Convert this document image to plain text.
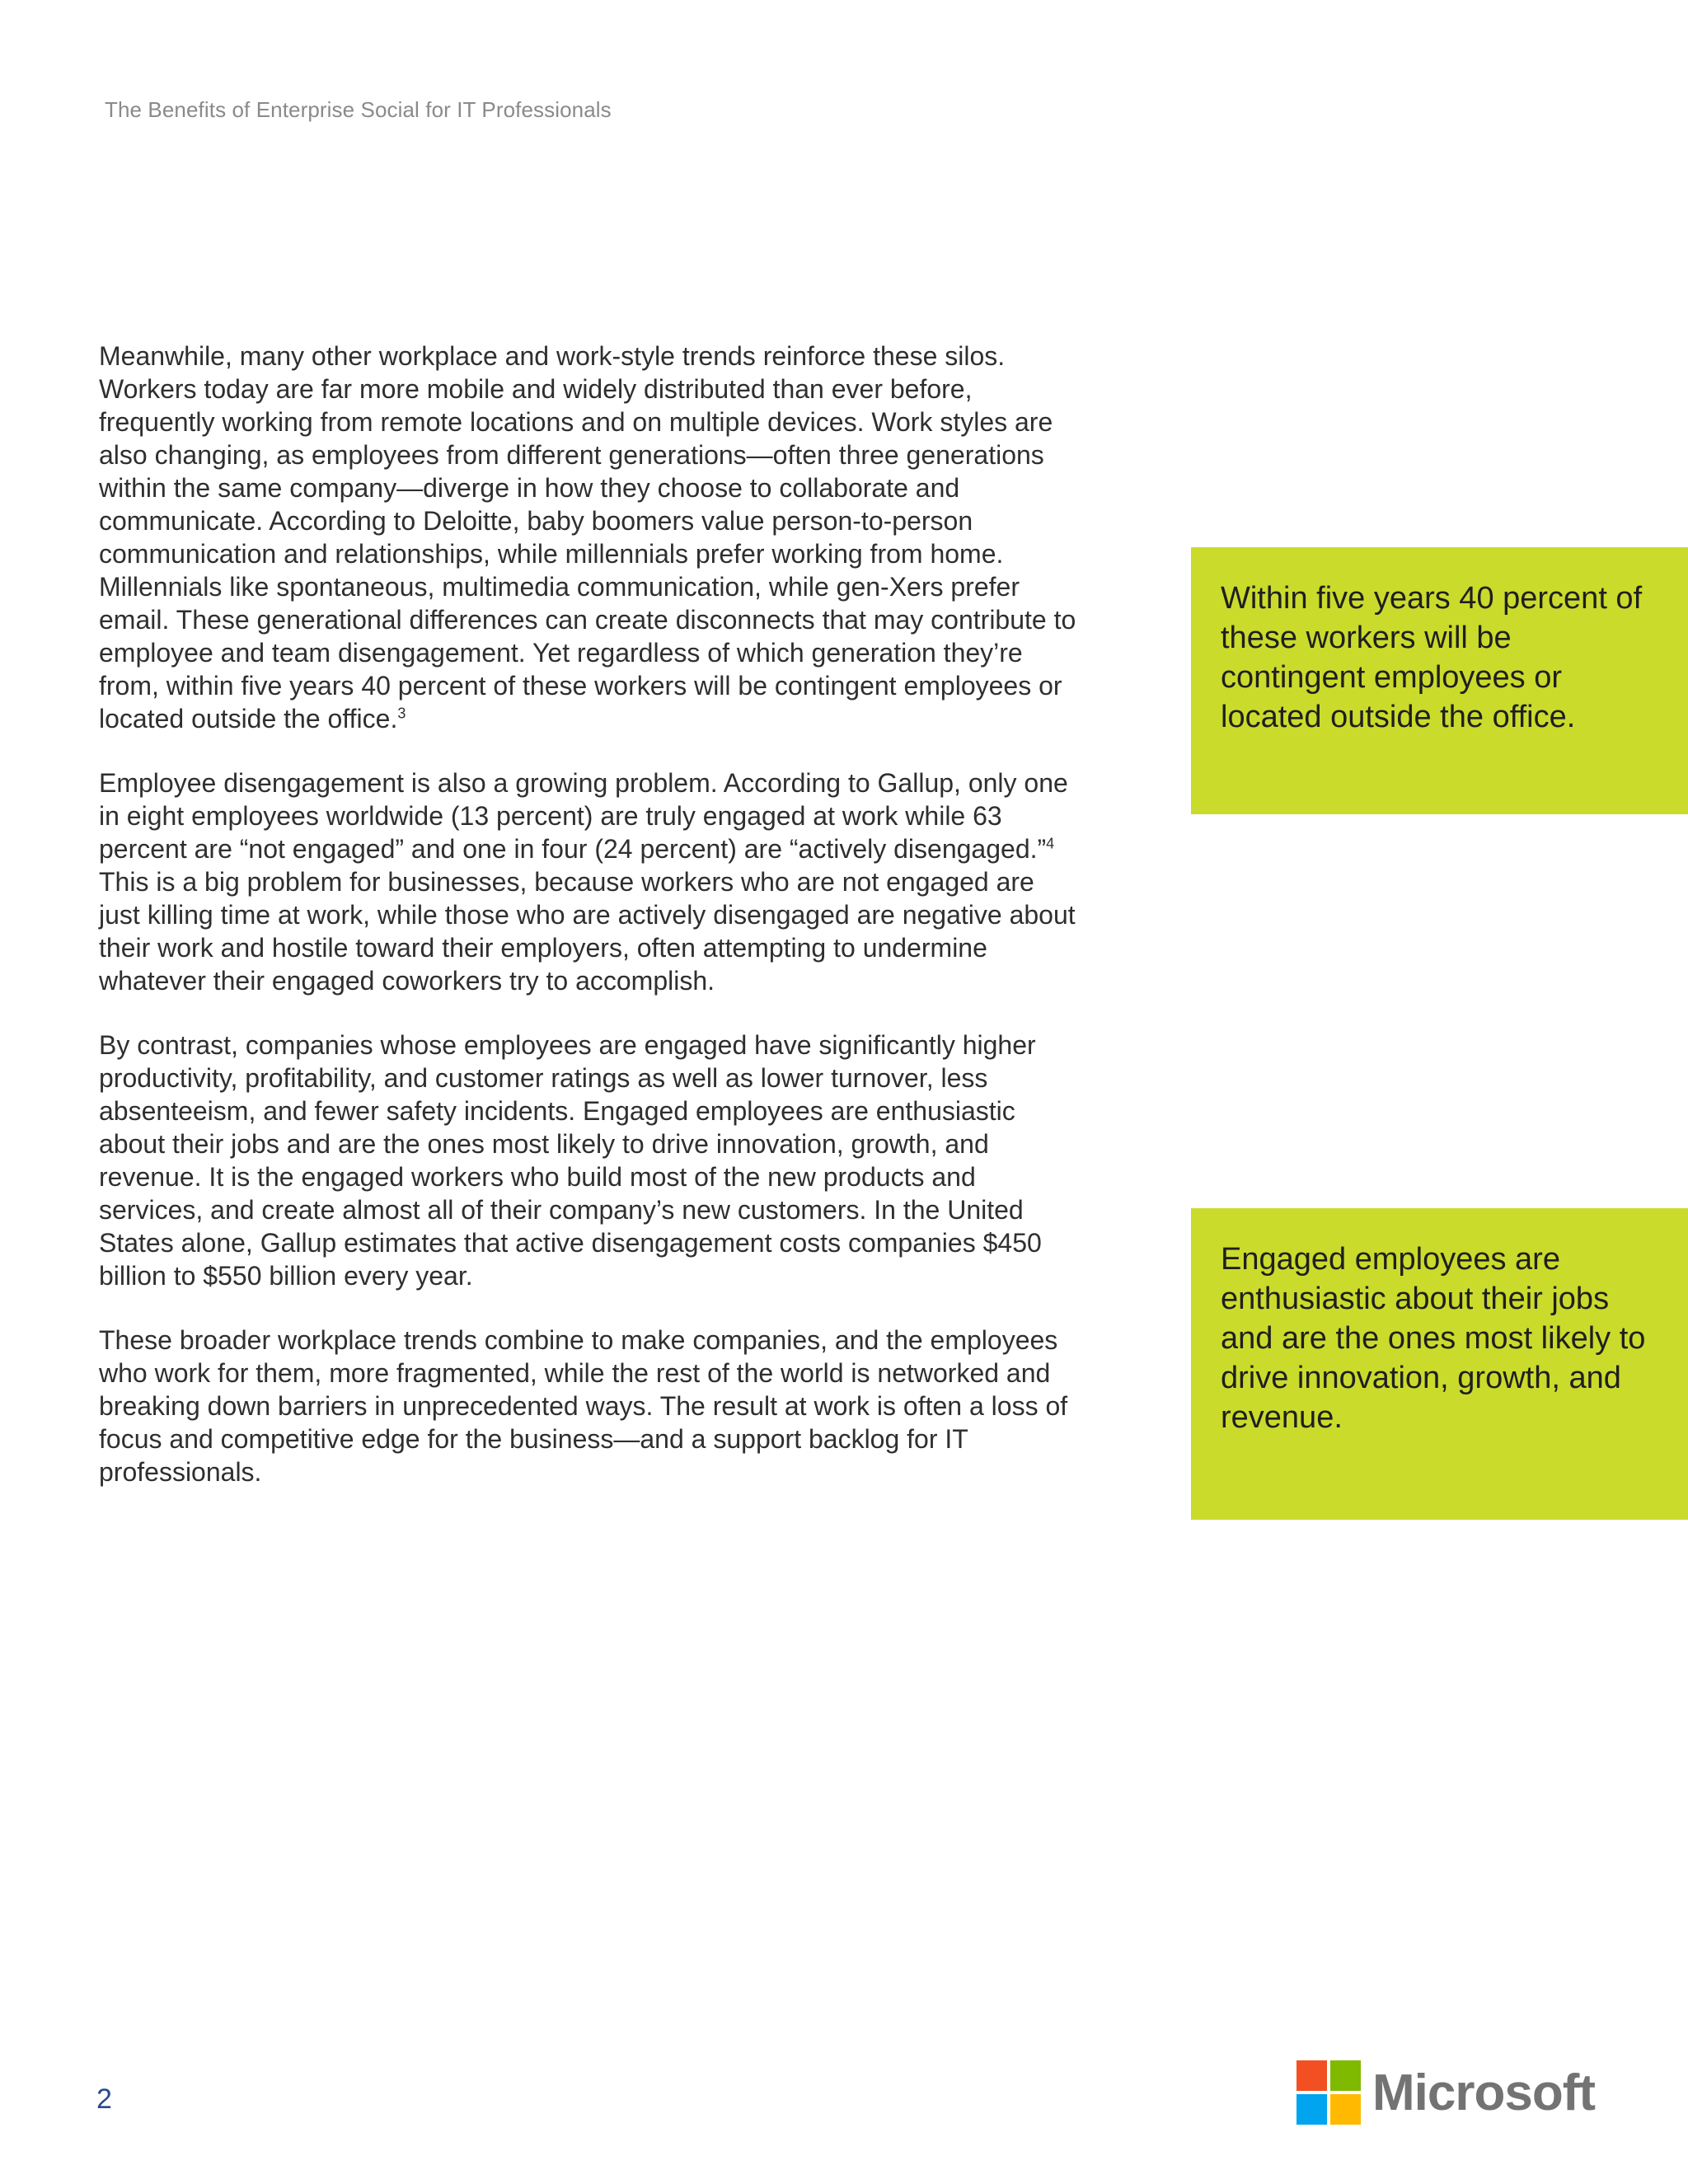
The Benefits of Enterprise Social for IT Professionals

Meanwhile, many other workplace and work-style trends reinforce these silos. Workers today are far more mobile and widely distributed than ever before, frequently working from remote locations and on multiple devices. Work styles are also changing, as employees from different generations—often three generations within the same company—diverge in how they choose to collaborate and communicate. According to Deloitte, baby boomers value person-to-person communication and relationships, while millennials prefer working from home. Millennials like spontaneous, multimedia communication, while gen-Xers prefer email. These generational differences can create disconnects that may contribute to employee and team disengagement. Yet regardless of which generation they’re from, within five years 40 percent of these workers will be contingent employees or located outside the office.$^3$

Employee disengagement is also a growing problem. According to Gallup, only one in eight employees worldwide (13 percent) are truly engaged at work while 63 percent are “not engaged” and one in four (24 percent) are “actively disengaged.”$^4$ This is a big problem for businesses, because workers who are not engaged are just killing time at work, while those who are actively disengaged are negative about their work and hostile toward their employers, often attempting to undermine whatever their engaged coworkers try to accomplish.

By contrast, companies whose employees are engaged have significantly higher productivity, profitability, and customer ratings as well as lower turnover, less absenteeism, and fewer safety incidents. Engaged employees are enthusiastic about their jobs and are the ones most likely to drive innovation, growth, and revenue. It is the engaged workers who build most of the new products and services, and create almost all of their company’s new customers. In the United States alone, Gallup estimates that active disengagement costs companies $450 billion to $550 billion every year.

These broader workplace trends combine to make companies, and the employees who work for them, more fragmented, while the rest of the world is networked and breaking down barriers in unprecedented ways. The result at work is often a loss of focus and competitive edge for the business—and a support backlog for IT professionals.

Within five years 40 percent of these workers will be contingent employees or located outside the office.
Engaged employees are enthusiastic about their jobs and are the ones most likely to drive innovation, growth, and revenue.
2	Microsoft
